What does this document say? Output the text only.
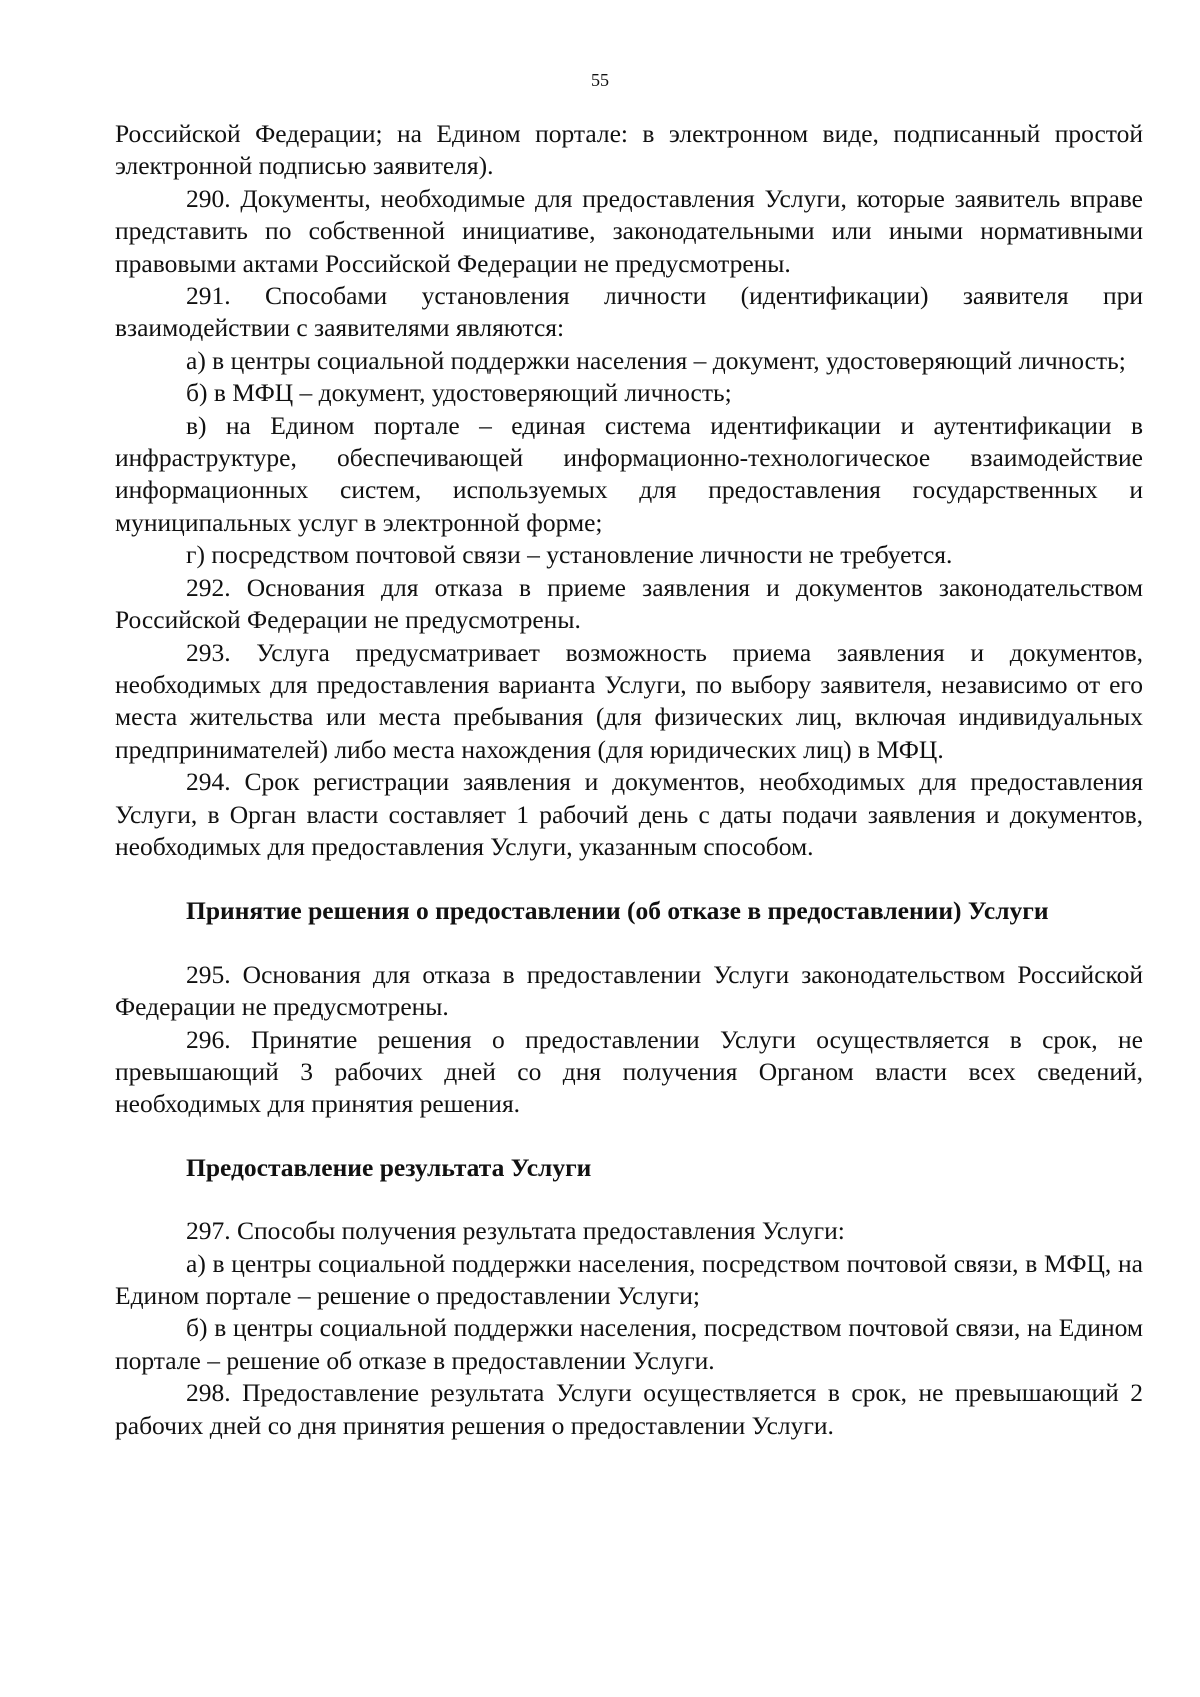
55

Российской Федерации; на Едином портале: в электронном виде, подписанный простой электронной подписью заявителя).

290. Документы, необходимые для предоставления Услуги, которые заявитель вправе представить по собственной инициативе, законодательными или иными нормативными правовыми актами Российской Федерации не предусмотрены.

291. Способами установления личности (идентификации) заявителя при взаимодействии с заявителями являются:

а) в центры социальной поддержки населения – документ, удостоверяющий личность;

б) в МФЦ – документ, удостоверяющий личность;

в) на Едином портале – единая система идентификации и аутентификации в инфраструктуре, обеспечивающей информационно-технологическое взаимодействие информационных систем, используемых для предоставления государственных и муниципальных услуг в электронной форме;

г) посредством почтовой связи – установление личности не требуется.

292. Основания для отказа в приеме заявления и документов законодательством Российской Федерации не предусмотрены.

293. Услуга предусматривает возможность приема заявления и документов, необходимых для предоставления варианта Услуги, по выбору заявителя, независимо от его места жительства или места пребывания (для физических лиц, включая индивидуальных предпринимателей) либо места нахождения (для юридических лиц) в МФЦ.

294. Срок регистрации заявления и документов, необходимых для предоставления Услуги, в Орган власти составляет 1 рабочий день с даты подачи заявления и документов, необходимых для предоставления Услуги, указанным способом.

Принятие решения о предоставлении (об отказе в предоставлении) Услуги

295. Основания для отказа в предоставлении Услуги законодательством Российской Федерации не предусмотрены.

296. Принятие решения о предоставлении Услуги осуществляется в срок, не превышающий 3 рабочих дней со дня получения Органом власти всех сведений, необходимых для принятия решения.

Предоставление результата Услуги

297. Способы получения результата предоставления Услуги:

а) в центры социальной поддержки населения, посредством почтовой связи, в МФЦ, на Едином портале – решение о предоставлении Услуги;

б) в центры социальной поддержки населения, посредством почтовой связи, на Едином портале – решение об отказе в предоставлении Услуги.

298. Предоставление результата Услуги осуществляется в срок, не превышающий 2 рабочих дней со дня принятия решения о предоставлении Услуги.
